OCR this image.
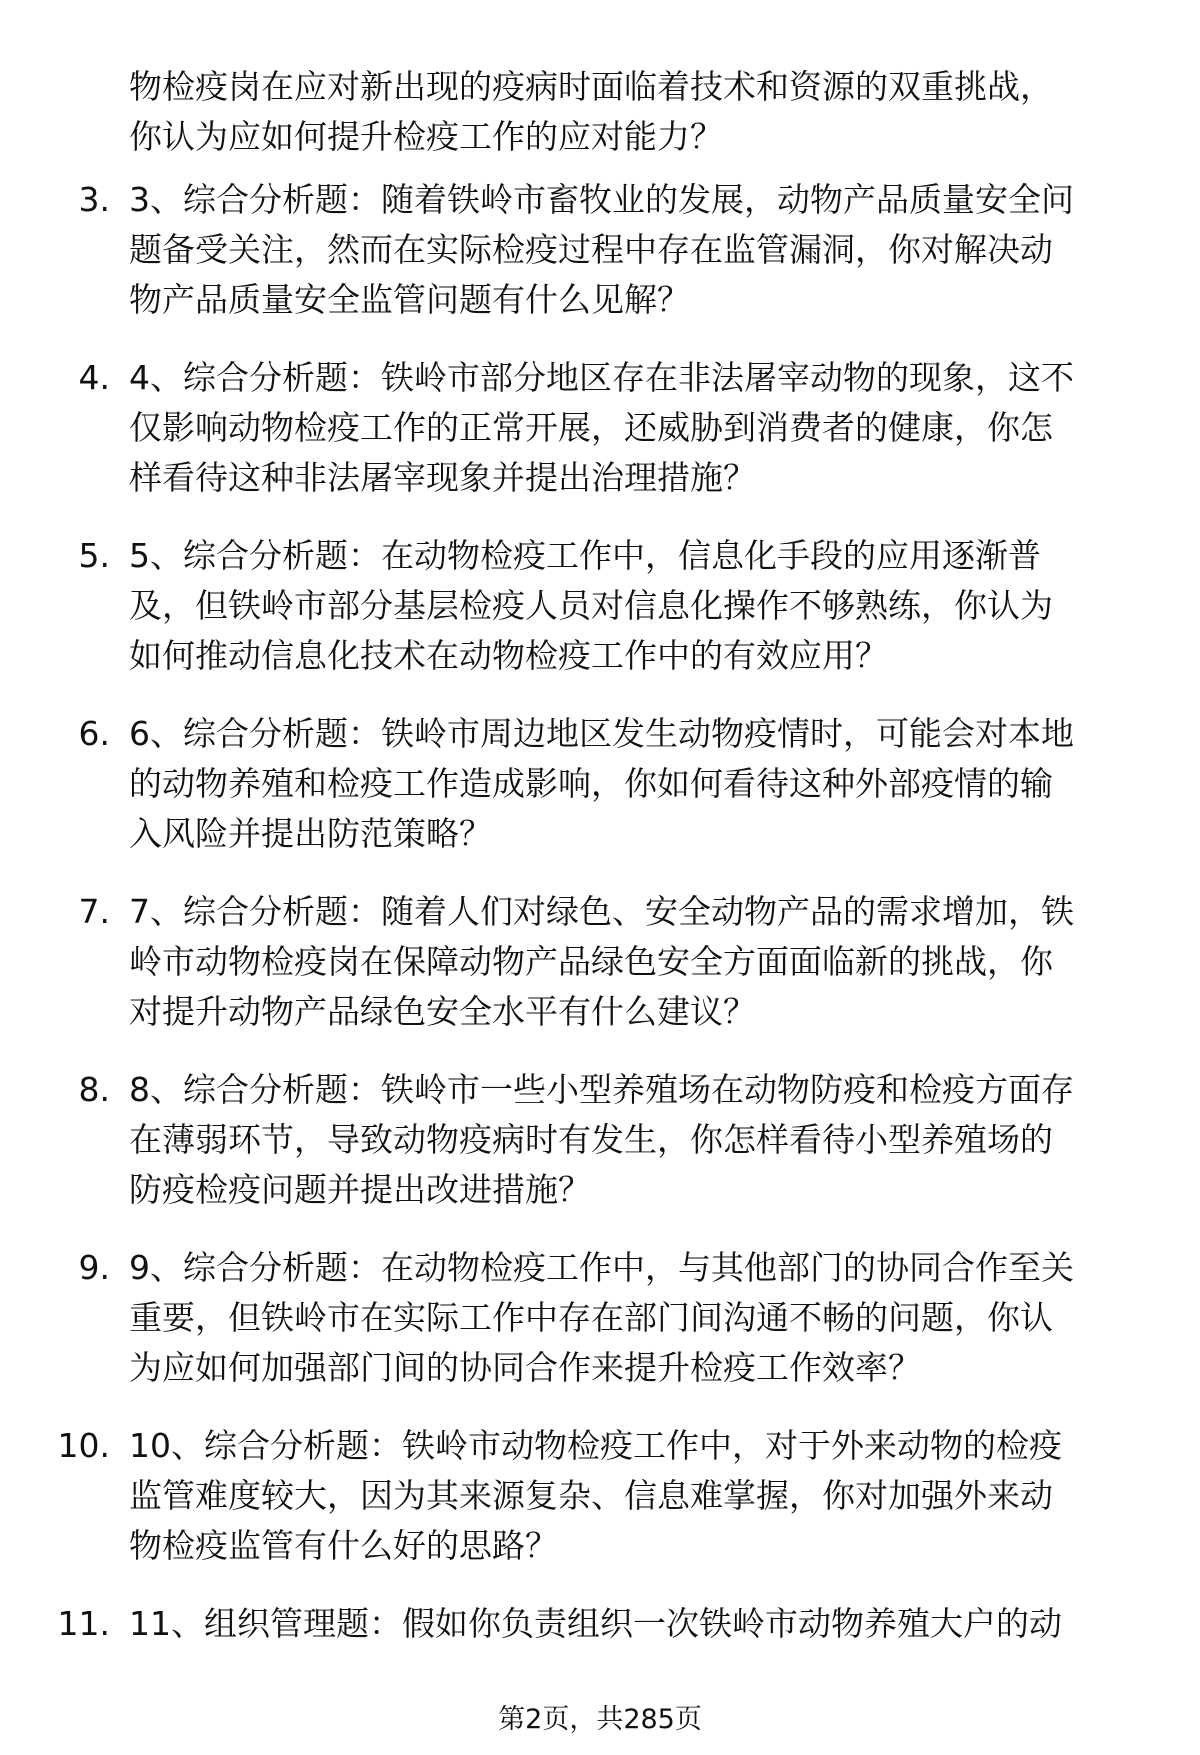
物检疫岗在应对新出现的疫病时面临着技术和资源的双重挑战，
你认为应如何提升检疫工作的应对能力？
3. 3、综合分析题：随着铁岭市畜牧业的发展，动物产品质量安全问
题备受关注，然而在实际检疫过程中存在监管漏洞，你对解决动
物产品质量安全监管问题有什么见解？
4. 4、综合分析题：铁岭市部分地区存在非法屠宰动物的现象，这不
仅影响动物检疫工作的正常开展，还威胁到消费者的健康，你怎
样看待这种非法屠宰现象并提出治理措施？
5. 5、综合分析题：在动物检疫工作中，信息化手段的应用逐渐普
及，但铁岭市部分基层检疫人员对信息化操作不够熟练，你认为
如何推动信息化技术在动物检疫工作中的有效应用？
6. 6、综合分析题：铁岭市周边地区发生动物疫情时，可能会对本地
的动物养殖和检疫工作造成影响，你如何看待这种外部疫情的输
入风险并提出防范策略？
7. 7、综合分析题：随着人们对绿色、安全动物产品的需求增加，铁
岭市动物检疫岗在保障动物产品绿色安全方面面临新的挑战，你
对提升动物产品绿色安全水平有什么建议？
8. 8、综合分析题：铁岭市一些小型养殖场在动物防疫和检疫方面存
在薄弱环节，导致动物疫病时有发生，你怎样看待小型养殖场的
防疫检疫问题并提出改进措施？
9. 9、综合分析题：在动物检疫工作中，与其他部门的协同合作至关
重要，但铁岭市在实际工作中存在部门间沟通不畅的问题，你认
为应如何加强部门间的协同合作来提升检疫工作效率？
10. 10、综合分析题：铁岭市动物检疫工作中，对于外来动物的检疫
监管难度较大，因为其来源复杂、信息难掌握，你对加强外来动
物检疫监管有什么好的思路？
11. 11、组织管理题：假如你负责组织一次铁岭市动物养殖大户的动
第2页，共285页
